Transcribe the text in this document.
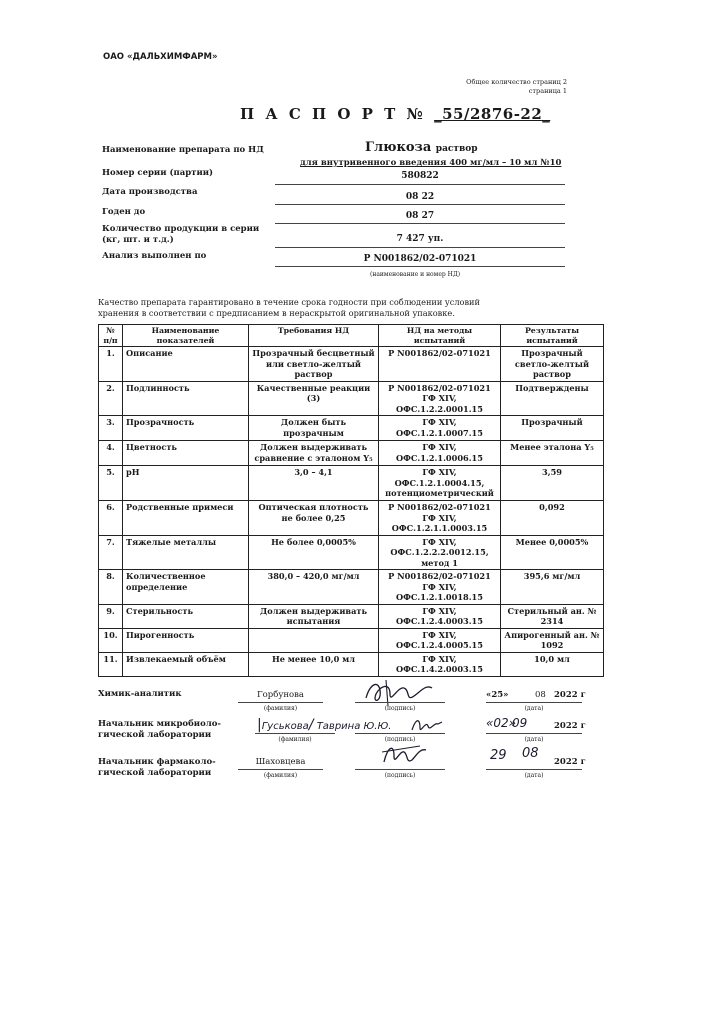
ОАО «ДАЛЬХИМФАРМ»
Общее количество страниц 2
страница 1
П А С П О Р Т № _55/2876-22_
Наименование препарата по НД	Глюкоза раствор
для внутривенного введения 400 мг/мл – 10 мл №10
Номер серии (партии)	580822
Дата производства	08 22
Годен до	08 27
Количество продукции в серии
(кг, шт. и т.д.)	7 427 уп.
Анализ выполнен по	Р N001862/02-071021
(наименование и номер НД)
Качество препарата гарантировано в течение срока годности при соблюдении условий хранения в соответствии с предписанием в нераскрытой оригинальной упаковке.
№ п/п	Наименование показателей	Требования НД	НД на методы испытаний	Результаты испытаний
1.	Описание	Прозрачный бесцветный или светло-желтый раствор	Р N001862/02-071021	Прозрачный светло-желтый раствор
2.	Подлинность	Качественные реакции (3)	Р N001862/02-071021 ГФ XIV, ОФС.1.2.2.0001.15	Подтверждены
3.	Прозрачность	Должен быть прозрачным	ГФ XIV, ОФС.1.2.1.0007.15	Прозрачный
4.	Цветность	Должен выдерживать сравнение с эталоном Y₅	ГФ XIV, ОФС.1.2.1.0006.15	Менее эталона Y₅
5.	pH	3,0 – 4,1	ГФ XIV, ОФС.1.2.1.0004.15, потенциометрический	3,59
6.	Родственные примеси	Оптическая плотность не более 0,25	Р N001862/02-071021 ГФ XIV, ОФС.1.2.1.1.0003.15	0,092
7.	Тяжелые металлы	Не более 0,0005%	ГФ XIV, ОФС.1.2.2.2.0012.15, метод 1	Менее 0,0005%
8.	Количественное определение	380,0 – 420,0 мг/мл	Р N001862/02-071021 ГФ XIV, ОФС.1.2.1.0018.15	395,6 мг/мл
9.	Стерильность	Должен выдерживать испытания	ГФ XIV, ОФС.1.2.4.0003.15	Стерильный ан. № 2314
10.	Пирогенность		ГФ XIV, ОФС.1.2.4.0005.15	Апирогенный ан. № 1092
11.	Извлекаемый объём	Не менее 10,0 мл	ГФ XIV, ОФС.1.4.2.0003.15	10,0 мл
Химик-аналитик	Горбунова
(фамилия)	(подпись)
«25»	08 2022 г
(дата)
Начальник микробиоло-
гической лаборатории
|Гуськова/ Таврина Ю.Ю.
(фамилия)	(подпись)
«02»
09	2022 г
(дата)
Начальник фармаколо-
гической лаборатории
Шаховцева
(фамилия)	(подпись)
29 08
2022 г
(дата)
